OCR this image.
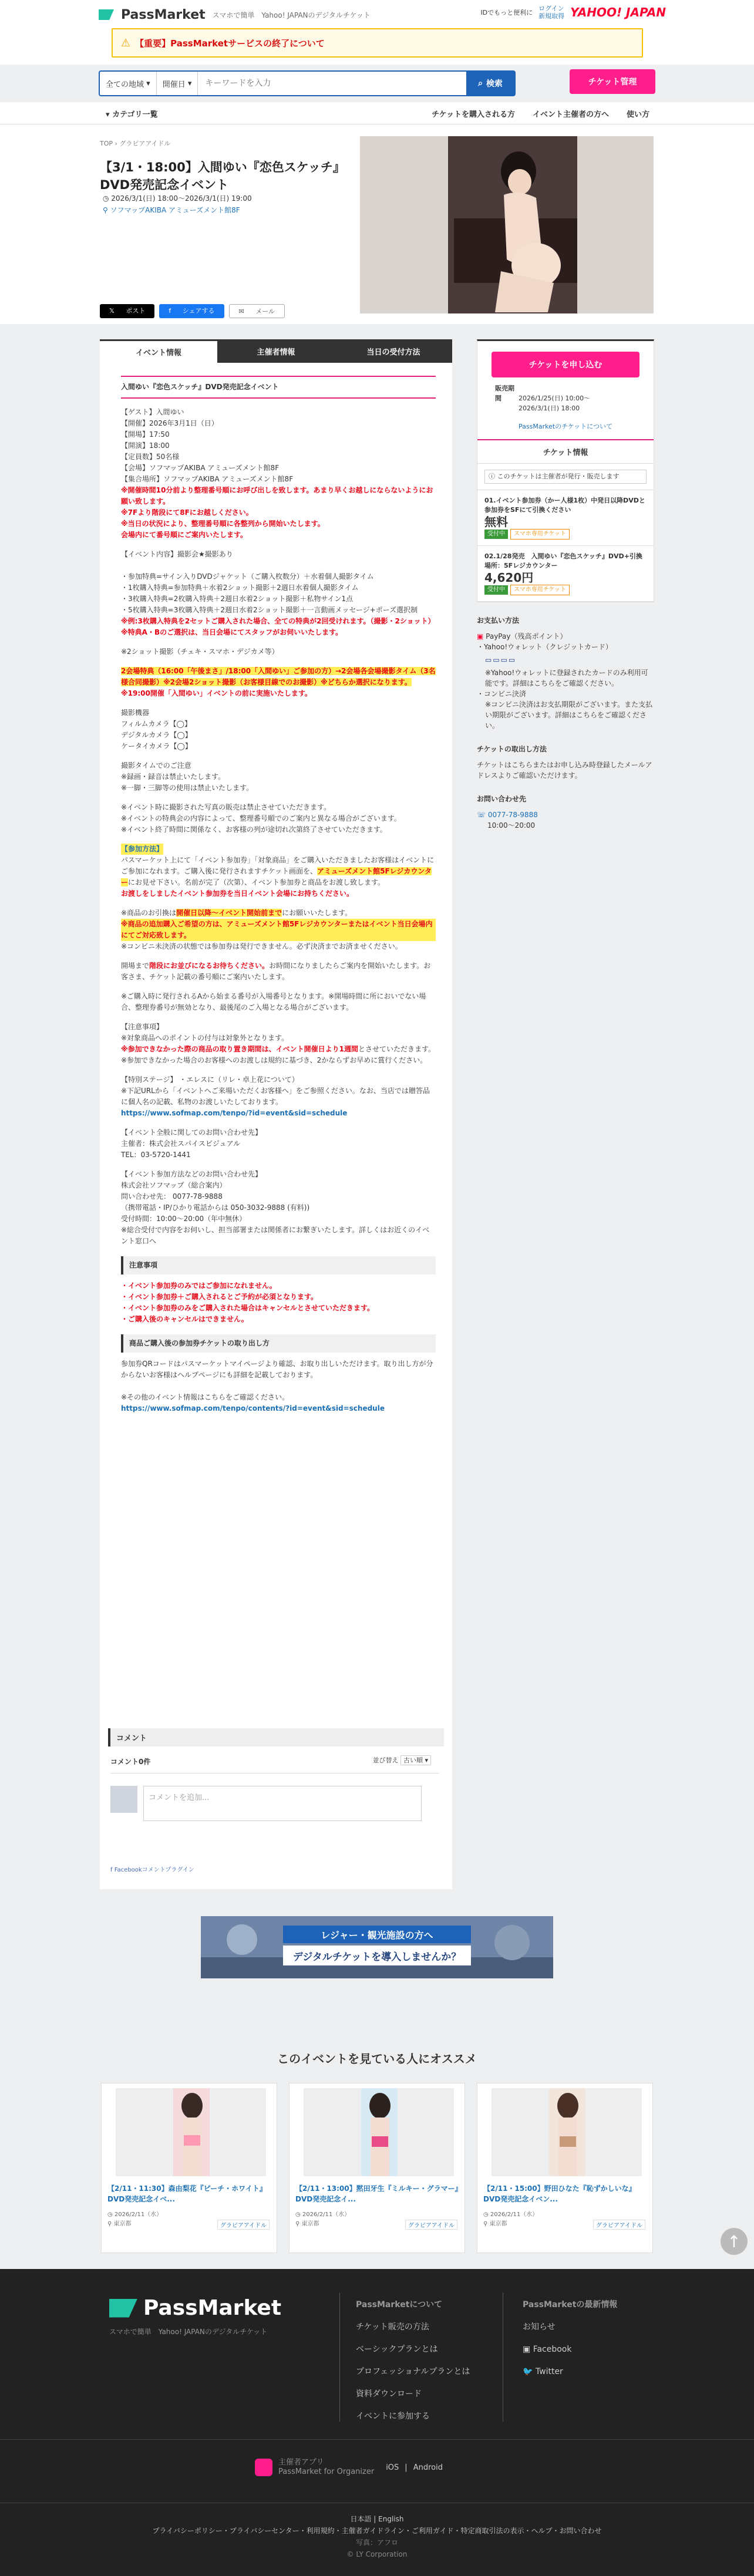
PassMarket スマホで簡単　Yahoo! JAPANのデジタルチケット	IDでもっと便利に
ログイン
新規取得 YAHOO! JAPAN
⚠ 【重要】PassMarketサービスの終了について
全ての地域 ▾	開催日 ▾
キーワードを入力	⌕ 検索	チケット管理
▾ カテゴリ一覧	チケットを購入される方 イベント主催者の方へ 使い方
TOP › グラビアアイドル
【3/1・18:00】入間ゆい『恋色スケッチ』DVD発売記念イベント
◷ 2026/3/1(日) 18:00〜2026/3/1(日) 19:00
⚲ ソフマップAKIBA アミューズメント館8F
𝕏 ポスト	f シェアする	✉ メール
イベント情報	主催者情報	当日の受付方法
入間ゆい『恋色スケッチ』DVD発売記念イベント
【ゲスト】入間ゆい
【開催】2026年3月1日（日）
【開場】17:50
【開演】18:00
【定員数】50名様
【会場】ソフマップAKIBA アミューズメント館8F
【集合場所】ソフマップAKIBA アミューズメント館8F
※開催時間10分前より整理番号順にお呼び出しを致します。あまり早くお越しにならないようにお願い致します。
※7Fより階段にて8Fにお越しください。
※当日の状況により、整理番号順に各整列から開始いたします。
会場内にて番号順にご案内いたします。
【イベント内容】撮影会★撮影あり

・参加特典=サイン入りDVDジャケット（ご購入枚数分）＋水着個人撮影タイム
・1枚購入特典=参加特典＋水着2ショット撮影＋2週日水着個人撮影タイム
・3枚購入特典=2枚購入特典＋2週日水着2ショット撮影＋私物サイン1点
・5枚購入特典=3枚購入特典＋2週日水着2ショット撮影＋一言動画メッセージ+ポーズ選択制
※例:3枚購入特典を2セットご購入された場合、全ての特典が2回受けれます。（撮影・2ショット）
※特典A・Bのご選択は、当日会場にてスタッフがお伺いいたします。
※2ショット撮影（チェキ・スマホ・デジカメ等）
2会場特典（16:00「午後まさ」/18:00「入間ゆい」ご参加の方）→2会場各会場撮影タイム（3名様合同撮影）※2会場2ショット撮影（お客様目線でのお撮影）※どちらか選択になります。
※19:00開催「入間ゆい」イベントの前に実施いたします。
撮影機器
フィルムカメラ【◯】
デジタルカメラ【◯】
ケータイカメラ【◯】
撮影タイムでのご注意
※録画・録音は禁止いたします。
※一脚・三脚等の使用は禁止いたします。
※イベント時に撮影された写真の販売は禁止させていただきます。
※イベントの特典会の内容によって、整理番号順でのご案内と異なる場合がございます。
※イベント終了時間に関係なく、お客様の列が途切れ次第終了させていただきます。
【参加方法】
パスマーケット上にて「イベント参加券」「対象商品」をご購入いただきましたお客様はイベントにご参加になれます。ご購入後に発行されますチケット画面を、アミューズメント館5Fレジカウンターにお見せ下さい。名前が完了（次第）、イベント参加券と商品をお渡し致します。
お渡しをしましたイベント参加券を当日イベント会場にお持ちください。
※商品のお引換は開催日以降〜イベント開始前までにお願いいたします。
※商品の追加購入ご希望の方は、アミューズメント館5Fレジカウンターまたはイベント当日会場内にてご対応致します。
※コンビニ未決済の状態では参加券は発行できません。必ず決済までお済ませください。
開場まで階段にお並びになるお待ちください。お時間になりましたらご案内を開始いたします。お客さま、チケット記載の番号順にご案内いたします。
※ご購入時に発行されるAから始まる番号が入場番号となります。※開場時間に所においでない場合、整理券番号が無効となり、最後尾のご入場となる場合がございます。
【注意事項】
※対象商品へのポイントの付与は対象外となります。
※参加できなかった際の商品の取り置き期間は、イベント開催日より1週間とさせていただきます。
※参加できなかった場合のお客様へのお渡しは規約に基づき、2かならずお早めに賞行ください。
【特別ステージ】 ・エレスに（リレ・卓上花について）
※下記URLから「イベントへご来場いただくお客様へ」をご参照ください。なお、当店では贈答品に個人名の記載、私物のお渡しいたしております。
https://www.sofmap.com/tenpo/?id=event&sid=schedule
【イベント全般に関してのお問い合わせ先】
主催者：株式会社スパイスビジュアル
TEL：03-5720-1441
【イベント参加方法などのお問い合わせ先】
株式会社ソフマップ（総合案内）
問い合わせ先： 0077-78-9888
（携帯電話・IP/ひかり電話からは 050-3032-9888 (有料))
受付時間：10:00〜20:00（年中無休）
※総合受付で内容をお伺いし、担当部署または関係者にお繋ぎいたします。詳しくはお近くのイベント窓口へ
注意事項
・イベント参加券のみではご参加になれません。
・イベント参加券＋ご購入されるとご予約が必須となります。
・イベント参加券のみをご購入された場合はキャンセルとさせていただきます。
・ご購入後のキャンセルはできません。
商品ご購入後の参加券チケットの取り出し方
参加券QRコードはパスマーケットマイページより確認、お取り出しいただけます。取り出し方が分からないお客様はヘルプページにも詳細を記載しております。

※その他のイベント情報はこちらをご確認ください。
https://www.sofmap.com/tenpo/contents/?id=event&sid=schedule
チケットを申し込む
販売期間	2026/1/25(日) 10:00〜
2026/3/1(日) 18:00
PassMarketのチケットについて
チケット情報
ⓘ このチケットは主催者が発行・販売します
01.イベント参加券（かー人様1枚）中発日以降DVDと参加券をSFにて引換ください
無料
受付中 スマホ専用チケット
02.1/28発売　入間ゆい『恋色スケッチ』DVD+引換場所：5Fレジカウンター
4,620円
受付中 スマホ専用チケット
お支払い方法
▣ PayPay（残高ポイント）
・Yahoo!ウォレット（クレジットカード）
▭▭▭▭
※Yahoo!ウォレットに登録されたカードのみ利用可能です。詳細はこちらをご確認ください。
・コンビニ決済
※コンビニ決済はお支払期限がございます。また支払い期限がございます。詳細はこちらをご確認ください。
チケットの取出し方法
チケットはこちらまたはお申し込み時登録したメールアドレスよりご確認いただけます。
お問い合わせ先
☏ 0077-78-9888
10:00〜20:00
コメント
コメント0件	並び替え 古い順 ▾
コメントを追加...
f Facebookコメントプラグイン
レジャー・観光施設の方へ
デジタルチケットを導入しませんか？
このイベントを見ている人にオススメ
【2/11・11:30】森由梨花『ピーチ・ホワイト』DVD発売記念イベ...
◷ 2026/2/11（水）
⚲ 東京都	グラビアアイドル
【2/11・13:00】黙田牙生『ミルキー・グラマー』DVD発売記念イ...
◷ 2026/2/11（水）
⚲ 東京都	グラビアアイドル
【2/11・15:00】野田ひなた『恥ずかしいな』DVD発売記念イベン...
◷ 2026/2/11（水）
⚲ 東京都	グラビアアイドル
↑
PassMarket
スマホで簡単　Yahoo! JAPANのデジタルチケット
PassMarketについて
チケット販売の方法
ベーシックプランとは
プロフェッショナルプランとは
資料ダウンロード
イベントに参加する
PassMarketの最新情報
お知らせ
▣ Facebook
🐦 Twitter
主催者アプリ
PassMarket for Organizer iOS | Android
日本語 | English
プライバシーポリシー・プライバシーセンター・利用規約・主催者ガイドライン・ご利用ガイド・特定商取引法の表示・ヘルプ・お問い合わせ
写真：アフロ
© LY Corporation
